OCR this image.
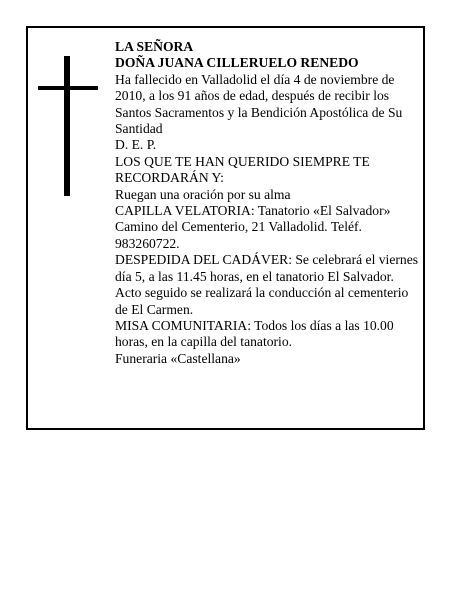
LA SEÑORA
DOÑA JUANA CILLERUELO RENEDO
Ha fallecido en Valladolid el día 4 de noviembre de
2010, a los 91 años de edad, después de recibir los
Santos Sacramentos y la Bendición Apostólica de Su
Santidad
D. E. P.
LOS QUE TE HAN QUERIDO SIEMPRE TE
RECORDARÁN Y:
Ruegan una oración por su alma
CAPILLA VELATORIA: Tanatorio «El Salvador»
Camino del Cementerio, 21 Valladolid. Teléf.
983260722.
DESPEDIDA DEL CADÁVER: Se celebrará el viernes
día 5, a las 11.45 horas, en el tanatorio El Salvador.
Acto seguido se realizará la conducción al cementerio
de El Carmen.
MISA COMUNITARIA: Todos los días a las 10.00
horas, en la capilla del tanatorio.
Funeraria «Castellana»
